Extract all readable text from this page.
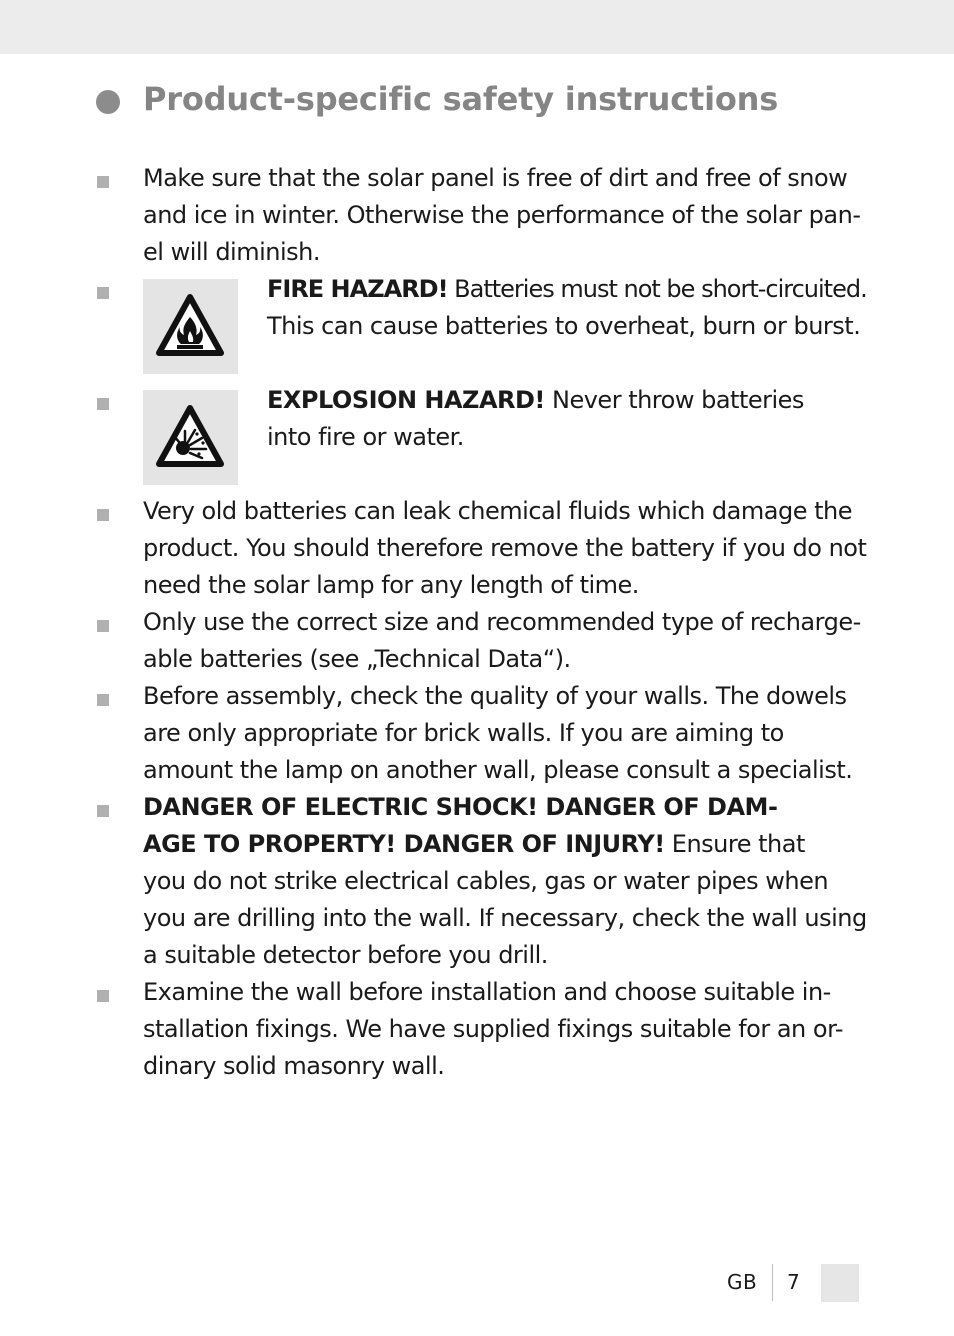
Product-specific safety instructions

Make sure that the solar panel is free of dirt and free of snow
and ice in winter. Otherwise the performance of the solar pan-
el will diminish.

FIRE HAZARD! Batteries must not be short-circuited.
This can cause batteries to overheat, burn or burst.

EXPLOSION HAZARD! Never throw batteries
into fire or water.

Very old batteries can leak chemical fluids which damage the
product. You should therefore remove the battery if you do not
need the solar lamp for any length of time.

Only use the correct size and recommended type of recharge-
able batteries (see „Technical Data“).

Before assembly, check the quality of your walls. The dowels
are only appropriate for brick walls. If you are aiming to
amount the lamp on another wall, please consult a specialist.

DANGER OF ELECTRIC SHOCK! DANGER OF DAM-
AGE TO PROPERTY! DANGER OF INJURY! Ensure that
you do not strike electrical cables, gas or water pipes when
you are drilling into the wall. If necessary, check the wall using
a suitable detector before you drill.

Examine the wall before installation and choose suitable in-
stallation fixings. We have supplied fixings suitable for an or-
dinary solid masonry wall.

GB 7
